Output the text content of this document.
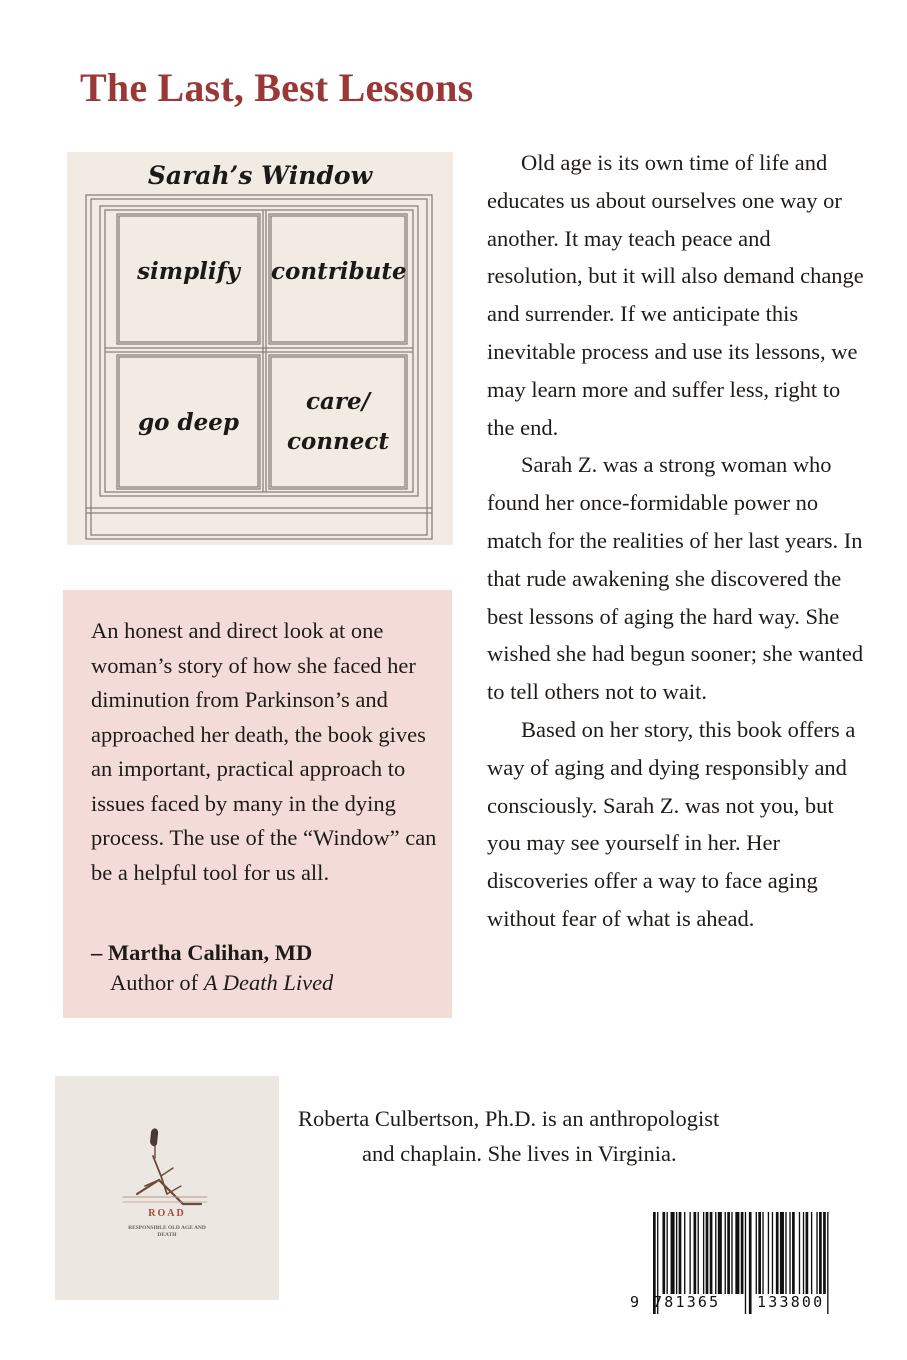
The Last, Best Lessons
Sarah’s Window
simplify	contribute
go deep
care/
connect

An honest and direct look at one woman’s story of how she faced her diminution from Parkinson’s and approached her death, the book gives an important, practical approach to issues faced by many in the dying process. The use of the “Window” can be a helpful tool for us all.

– Martha Calihan, MD
Author of A Death Lived

Old age is its own time of life and educates us about ourselves one way or another. It may teach peace and resolution, but it will also demand change and surrender. If we anticipate this inevitable process and use its lessons, we may learn more and suffer less, right to the end.

Sarah Z. was a strong woman who found her once-formidable power no match for the realities of her last years. In that rude awakening she discovered the best lessons of aging the hard way. She wished she had begun sooner; she wanted to tell others not to wait.

Based on her story, this book offers a way of aging and dying responsibly and consciously. Sarah Z. was not you, but you may see yourself in her. Her discoveries offer a way to face aging without fear of what is ahead.

ROAD
RESPONSIBLE OLD AGE AND DEATH
Roberta Culbertson, Ph.D. is an anthropologist
and chaplain. She lives in Virginia.
9 781365 133800
